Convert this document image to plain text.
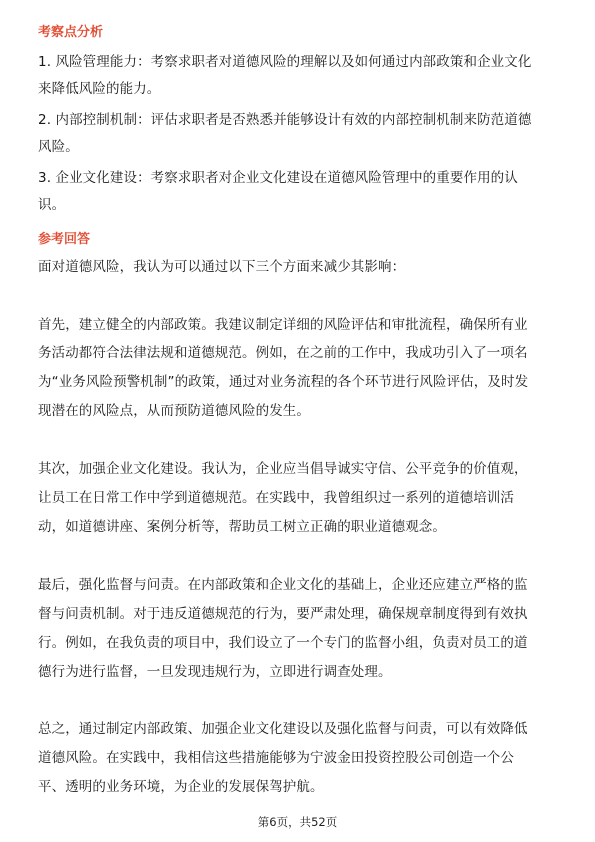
考察点分析
1. 风险管理能力：考察求职者对道德风险的理解以及如何通过内部政策和企业文化
来降低风险的能力。
2. 内部控制机制：评估求职者是否熟悉并能够设计有效的内部控制机制来防范道德
风险。
3. 企业文化建设：考察求职者对企业文化建设在道德风险管理中的重要作用的认
识。
参考回答
面对道德风险，我认为可以通过以下三个方面来减少其影响：
首先，建立健全的内部政策。我建议制定详细的风险评估和审批流程，确保所有业
务活动都符合法律法规和道德规范。例如，在之前的工作中，我成功引入了一项名
为“业务风险预警机制”的政策，通过对业务流程的各个环节进行风险评估，及时发
现潜在的风险点，从而预防道德风险的发生。
其次，加强企业文化建设。我认为，企业应当倡导诚实守信、公平竞争的价值观，
让员工在日常工作中学到道德规范。在实践中，我曾组织过一系列的道德培训活
动，如道德讲座、案例分析等，帮助员工树立正确的职业道德观念。
最后，强化监督与问责。在内部政策和企业文化的基础上，企业还应建立严格的监
督与问责机制。对于违反道德规范的行为，要严肃处理，确保规章制度得到有效执
行。例如，在我负责的项目中，我们设立了一个专门的监督小组，负责对员工的道
德行为进行监督，一旦发现违规行为，立即进行调查处理。
总之，通过制定内部政策、加强企业文化建设以及强化监督与问责，可以有效降低
道德风险。在实践中，我相信这些措施能够为宁波金田投资控股公司创造一个公
平、透明的业务环境，为企业的发展保驾护航。
第6页，共52页
